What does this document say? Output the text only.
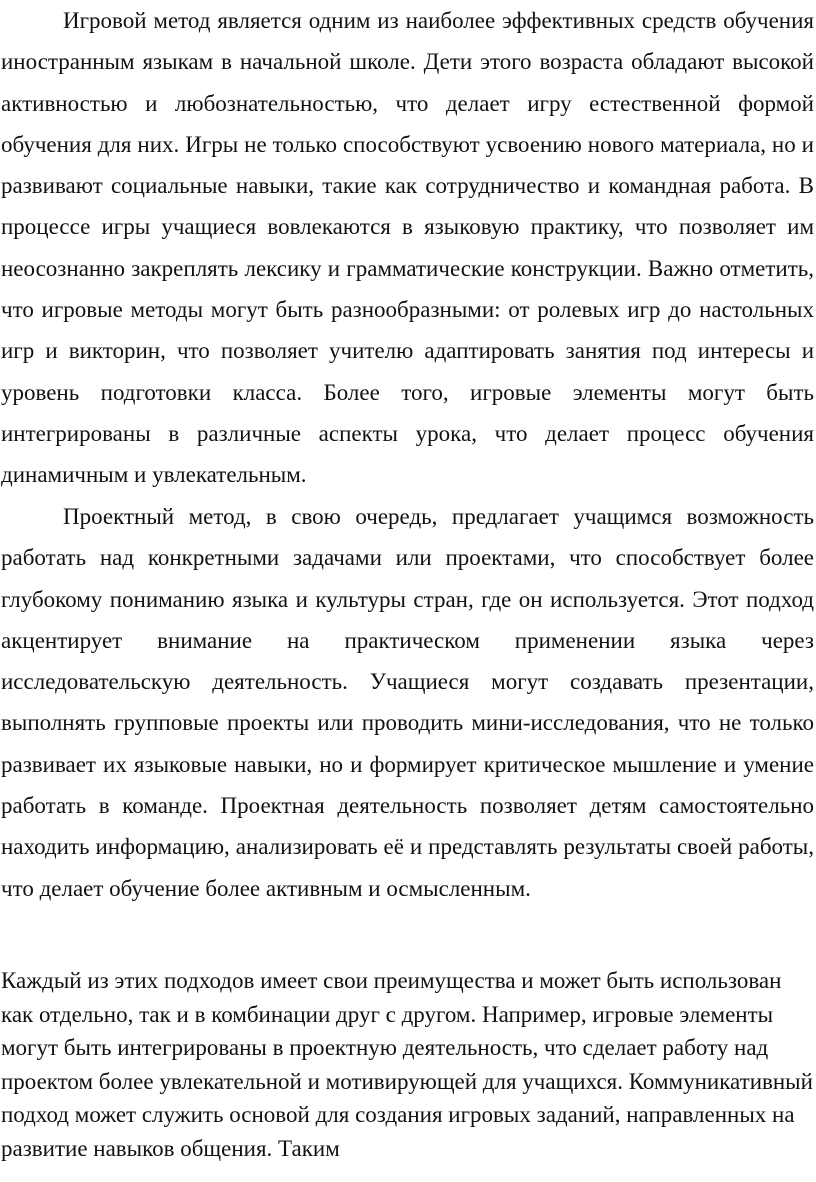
Игровой метод является одним из наиболее эффективных средств обучения иностранным языкам в начальной школе. Дети этого возраста обладают высокой активностью и любознательностью, что делает игру естественной формой обучения для них. Игры не только способствуют усвоению нового материала, но и развивают социальные навыки, такие как сотрудничество и командная работа. В процессе игры учащиеся вовлекаются в языковую практику, что позволяет им неосознанно закреплять лексику и грамматические конструкции. Важно отметить, что игровые методы могут быть разнообразными: от ролевых игр до настольных игр и викторин, что позволяет учителю адаптировать занятия под интересы и уровень подготовки класса. Более того, игровые элементы могут быть интегрированы в различные аспекты урока, что делает процесс обучения динамичным и увлекательным.

Проектный метод, в свою очередь, предлагает учащимся возможность работать над конкретными задачами или проектами, что способствует более глубокому пониманию языка и культуры стран, где он используется. Этот подход акцентирует внимание на практическом применении языка через исследовательскую деятельность. Учащиеся могут создавать презентации, выполнять групповые проекты или проводить мини-исследования, что не только развивает их языковые навыки, но и формирует критическое мышление и умение работать в команде. Проектная деятельность позволяет детям самостоятельно находить информацию, анализировать её и представлять результаты своей работы, что делает обучение более активным и осмысленным.

Каждый из этих подходов имеет свои преимущества и может быть использован как отдельно, так и в комбинации друг с другом. Например, игровые элементы могут быть интегрированы в проектную деятельность, что сделает работу над проектом более увлекательной и мотивирующей для учащихся. Коммуникативный подход может служить основой для создания игровых заданий, направленных на развитие навыков общения. Таким
